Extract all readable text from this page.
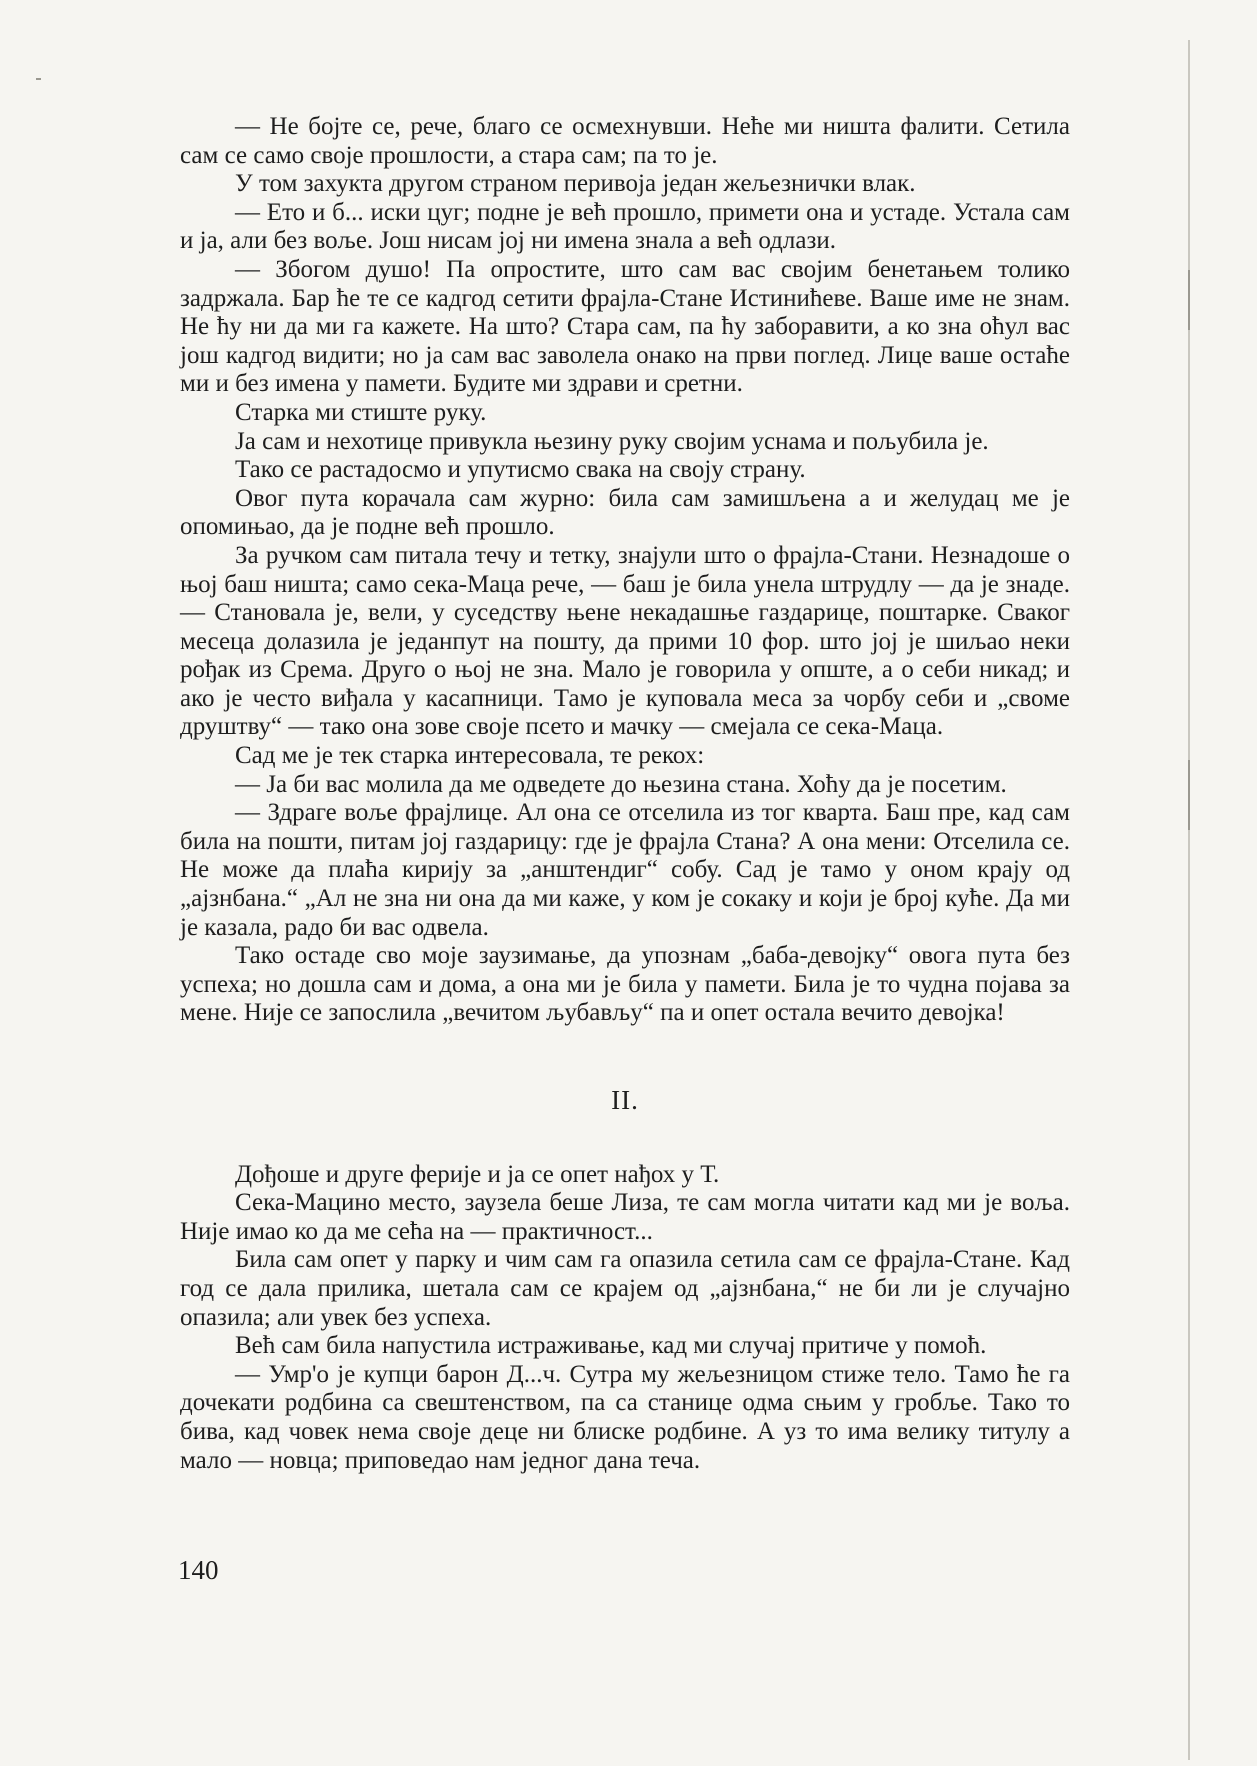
— Не бојте се, рече, благо се осмехнувши. Неће ми ништа фалити. Сетила сам се само своје прошлости, а стара сам; па то је.

У том захукта другом страном перивоја један жељезнички влак.

— Ето и б... иски цуг; подне је већ прошло, примети она и устаде. Устала сам и ја, али без воље. Још нисам јој ни имена знала а већ одлази.

— Збогом душо! Па опростите, што сам вас својим бенетањем толико задржала. Бар ће те се кадгод сетити фрајла-Стане Истинићеве. Ваше име не знам. Не ћу ни да ми га кажете. На што? Стара сам, па ћу заборавити, а ко зна оћул вас још кадгод видити; но ја сам вас заволела онако на први поглед. Лице ваше остаће ми и без имена у памети. Будите ми здрави и сретни.

Старка ми стиште руку.

Ја сам и нехотице привукла њезину руку својим уснама и пољубила је.

Тако се растадосмо и упутисмо свака на своју страну.

Овог пута корачала сам журно: била сам замишљена а и желудац ме је опомињао, да је подне већ прошло.

За ручком сам питала течу и тетку, знајули што о фрајла-Стани. Незнадоше о њој баш ништа; само сека-Маца рече, — баш је била унела штрудлу — да је знаде. — Становала је, вели, у суседству њене некадашње газдарице, поштарке. Сваког месеца долазила је једанпут на пошту, да прими 10 фор. што јој је шиљао неки рођак из Срема. Друго о њој не зна. Мало је говорила у опште, а о себи никад; и ако је често виђала у касапници. Тамо је куповала меса за чорбу себи и „своме друштву“ — тако она зове своје псето и мачку — смејала се сека-Маца.

Сад ме је тек старка интересовала, те рекох:

— Ја би вас молила да ме одведете до њезина стана. Хоћу да је посетим.

— Здраге воље фрајлице. Ал она се отселила из тог кварта. Баш пре, кад сам била на пошти, питам јој газдарицу: где је фрајла Стана? А она мени: Отселила се. Не може да плаћа кирију за „анштендиг“ собу. Сад је тамо у оном крају од „ајзнбана.“ „Ал не зна ни она да ми каже, у ком је сокаку и који је број куће. Да ми је казала, радо би вас одвела.

Тако остаде сво моје заузимање, да упознам „баба-девојку“ овога пута без успеха; но дошла сам и дома, а она ми је била у памети. Била је то чудна појава за мене. Није се запослила „вечитом љубављу“ па и опет остала вечито девојка!

II.

Дођоше и друге ферије и ја се опет нађох у Т.

Сека-Мацино место, заузела беше Лиза, те сам могла читати кад ми је воља. Није имао ко да ме сећа на — практичност...

Била сам опет у парку и чим сам га опазила сетила сам се фрајла-Стане. Кад год се дала прилика, шетала сам се крајем од „ајзнбана,“ не би ли је случајно опазила; али увек без успеха.

Већ сам била напустила истраживање, кад ми случај притиче у помоћ.

— Умр'о је купци барон Д...ч. Сутра му жељезницом стиже тело. Тамо ће га дочекати родбина са свештенством, па са станице одма сњим у гробље. Тако то бива, кад човек нема своје деце ни блиске родбине. А уз то има велику титулу а мало — новца; приповедао нам једног дана теча.

140
